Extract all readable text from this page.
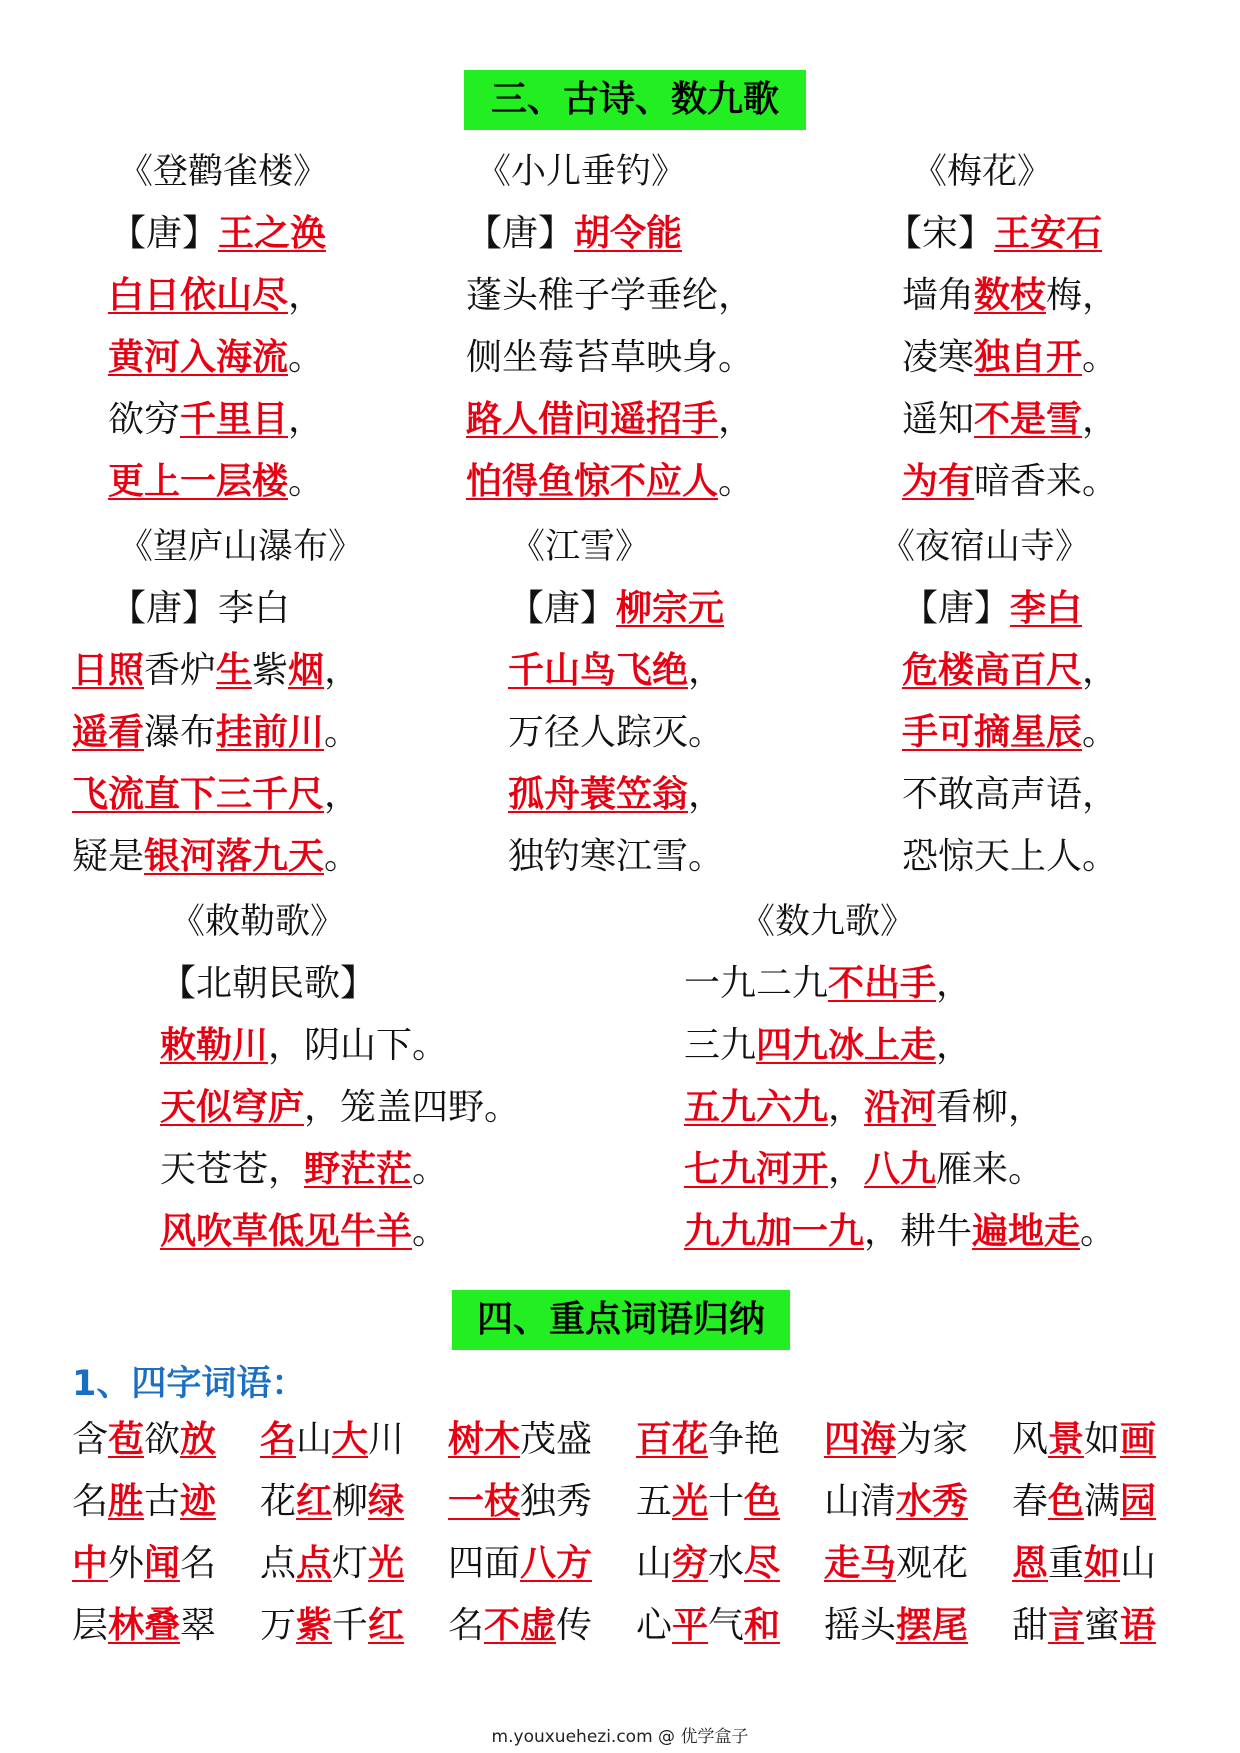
三、古诗、数九歌
《登鹳雀楼》
【唐】王之涣
白日依山尽，
黄河入海流。
欲穷千里目，
更上一层楼。
《小儿垂钓》
【唐】胡令能
蓬头稚子学垂纶，
侧坐莓苔草映身。
路人借问遥招手，
怕得鱼惊不应人。
《梅花》
【宋】王安石
墙角数枝梅，
凌寒独自开。
遥知不是雪，
为有暗香来。
《望庐山瀑布》
【唐】李白
日照香炉生紫烟，
遥看瀑布挂前川。
飞流直下三千尺，
疑是银河落九天。
《江雪》
【唐】柳宗元
千山鸟飞绝，
万径人踪灭。
孤舟蓑笠翁，
独钓寒江雪。
《夜宿山寺》
【唐】李白
危楼高百尺，
手可摘星辰。
不敢高声语，
恐惊天上人。
《敕勒歌》
【北朝民歌】
敕勒川，阴山下。
天似穹庐，笼盖四野。
天苍苍，野茫茫。
风吹草低见牛羊。
《数九歌》
一九二九不出手，
三九四九冰上走，
五九六九，沿河看柳，
七九河开，八九雁来。
九九加一九，耕牛遍地走。
四、重点词语归纳
1、四字词语：
含苞欲放 名山大川 树木茂盛 百花争艳 四海为家 风景如画
名胜古迹 花红柳绿 一枝独秀 五光十色 山清水秀 春色满园
中外闻名 点点灯光 四面八方 山穷水尽 走马观花 恩重如山
层林叠翠 万紫千红 名不虚传 心平气和 摇头摆尾 甜言蜜语
m.youxuehezi.com @ 优学盒子
